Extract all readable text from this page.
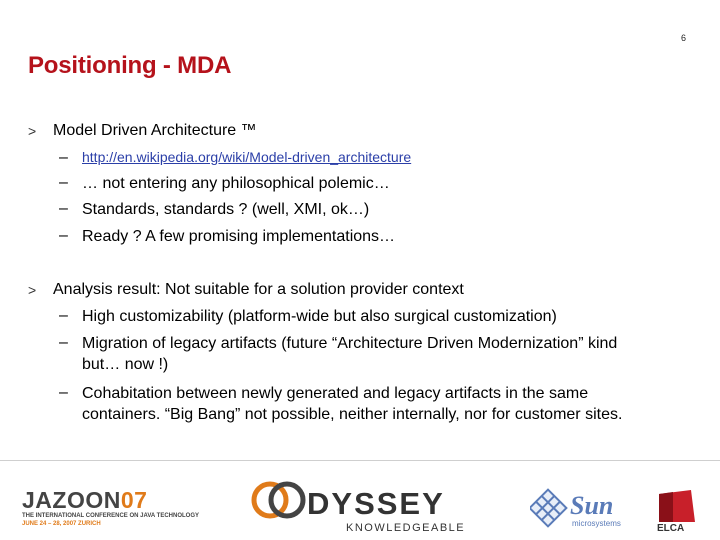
6
Positioning - MDA
> Model Driven Architecture ™
– http://en.wikipedia.org/wiki/Model-driven_architecture
– … not entering any philosophical polemic…
– Standards, standards ? (well, XMI, ok…)
– Ready ? A few promising implementations…
> Analysis result: Not suitable for a solution provider context
– High customizability (platform-wide but also surgical customization)
– Migration of legacy artifacts (future “Architecture Driven Modernization” kind
but… now !)
– Cohabitation between newly generated and legacy artifacts in the same
containers. “Big Bang” not possible, neither internally, nor for customer sites.
JAZOON07
THE INTERNATIONAL CONFERENCE ON JAVA TECHNOLOGY
JUNE 24 – 28, 2007 ZURICH
DYSSEY
KNOWLEDGEABLE
Sun
microsystems	ELCA
